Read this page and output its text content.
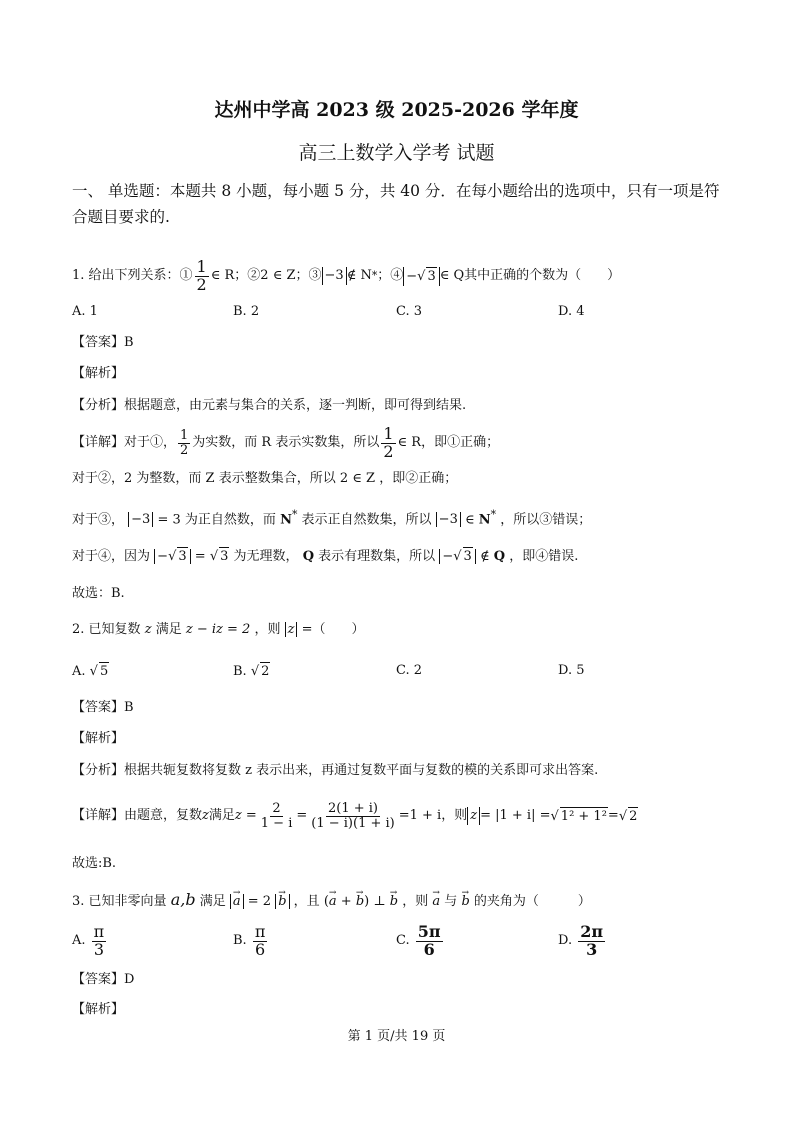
达州中学高 2023 级 2025-2026 学年度
高三上数学入学考 试题
一、 单选题：本题共 8 小题，每小题 5 分，共 40 分．在每小题给出的选项中，只有一项是符
合题目要求的.
1. 给出下列关系：① 1
2 ∈ R ；② 2 ∈ Z ；③ −3 ∉ N * ；④ −√ 3 ∈ Q 其中正确的个数为（　　）
A. 1	B. 2	C. 3	D. 4
【答案】B
【解析】
【分析】根据题意，由元素与集合的关系，逐一判断，即可得到结果.
【详解】对于①， 1
2 为实数，而 R 表示实数集，所以 1
2 ∈ R ，即①正确；
对于②，2 为整数，而 Z 表示整数集合，所以 2 ∈ Z ，即②正确；
对于③， −3 = 3 为正自然数，而 N* 表示正自然数集，所以 −3 ∈ N* ，所以③错误；
对于④，因为 −√ 3 = √ 3 为无理数， Q 表示有理数集，所以 −√ 3 ∉ Q ，即④错误.
故选：B.
2. 已知复数 z 满足 z − iz = 2 ，则 z =（　　）
A. √ 5	B. √ 2	C. 2	D. 5
【答案】B
【解析】
【分析】根据共轭复数将复数 z 表示出来，再通过复数平面与复数的模的关系即可求出答案.
【详解】由题意，复数 z 满足 $z = \frac{2}{1 - i} = \frac{2(1 + i)}{(1 - i)(1 + i)} =1 + i$ ，则 z = |1 + i| = √ 1² + 1² = √ 2
故选:B.
3. 已知非零向量 a,b 满足 → a = 2 → b ，且 (→ a + → b) ⊥ → b ，则 → a 与 → b 的夹角为（　　　）
A.
π
3	B.
π
6	C.
5π
6	D.
2π
3
【答案】D
【解析】
第 1 页/共 19 页
